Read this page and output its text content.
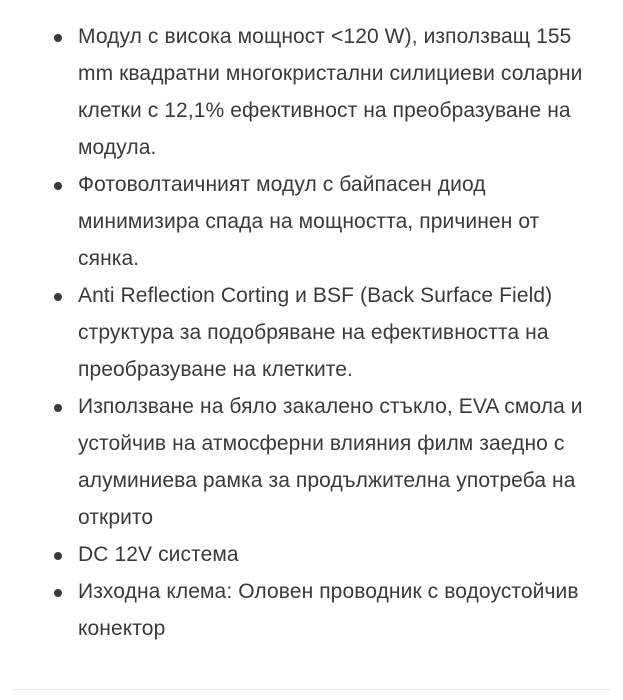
Модул с висока мощност <120 W), използващ 155 mm квадратни многокристални силициеви соларни клетки с 12,1% ефективност на преобразуване на модула.
Фотоволтаичният модул с байпасен диод минимизира спада на мощността, причинен от сянка.
Anti Reflection Corting и BSF (Back Surface Field) структура за подобряване на ефективността на преобразуване на клетките.
Използване на бяло закалено стъкло, EVA смола и устойчив на атмосферни влияния филм заедно с алуминиева рамка за продължителна употреба на открито
DC 12V система
Изходна клема: Оловен проводник с водоустойчив конектор
